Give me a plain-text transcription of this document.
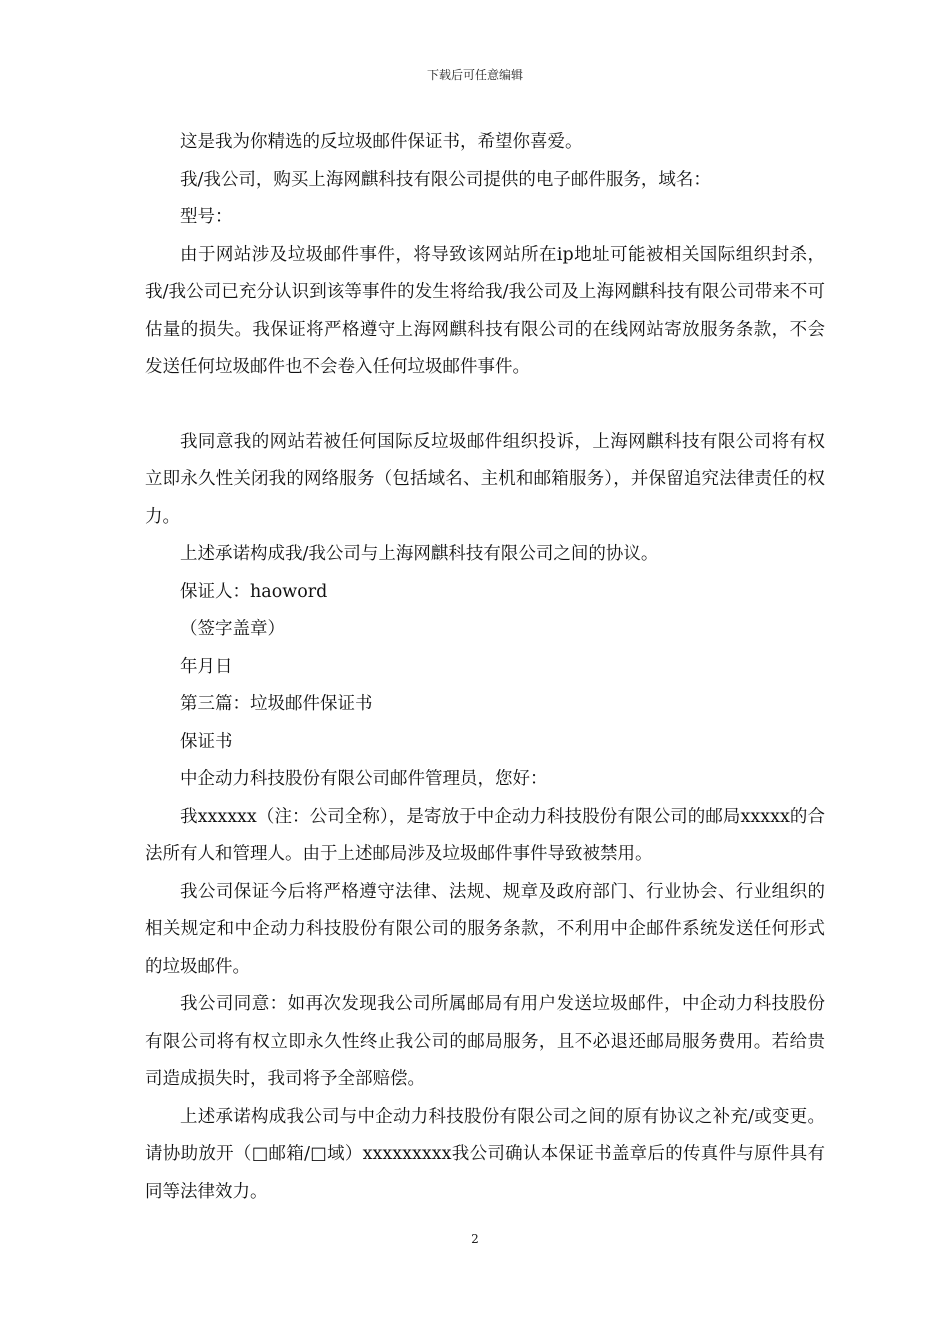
下载后可任意编辑

这是我为你精选的反垃圾邮件保证书，希望你喜爱。

我/我公司，购买上海网麒科技有限公司提供的电子邮件服务，域名：

型号：

由于网站涉及垃圾邮件事件，将导致该网站所在ip地址可能被相关国际组织封杀，我/我公司已充分认识到该等事件的发生将给我/我公司及上海网麒科技有限公司带来不可估量的损失。我保证将严格遵守上海网麒科技有限公司的在线网站寄放服务条款，不会发送任何垃圾邮件也不会卷入任何垃圾邮件事件。

我同意我的网站若被任何国际反垃圾邮件组织投诉，上海网麒科技有限公司将有权立即永久性关闭我的网络服务（包括域名、主机和邮箱服务），并保留追究法律责任的权力。

上述承诺构成我/我公司与上海网麒科技有限公司之间的协议。

保证人：haoword

（签字盖章）

年月日

第三篇：垃圾邮件保证书

保证书

中企动力科技股份有限公司邮件管理员，您好：

我xxxxxx（注：公司全称），是寄放于中企动力科技股份有限公司的邮局xxxxx的合法所有人和管理人。由于上述邮局涉及垃圾邮件事件导致被禁用。

我公司保证今后将严格遵守法律、法规、规章及政府部门、行业协会、行业组织的相关规定和中企动力科技股份有限公司的服务条款，不利用中企邮件系统发送任何形式的垃圾邮件。

我公司同意：如再次发现我公司所属邮局有用户发送垃圾邮件，中企动力科技股份有限公司将有权立即永久性终止我公司的邮局服务，且不必退还邮局服务费用。若给贵司造成损失时，我司将予全部赔偿。

上述承诺构成我公司与中企动力科技股份有限公司之间的原有协议之补充/或变更。请协助放开（□邮箱/□域）xxxxxxxxx我公司确认本保证书盖章后的传真件与原件具有同等法律效力。

2
